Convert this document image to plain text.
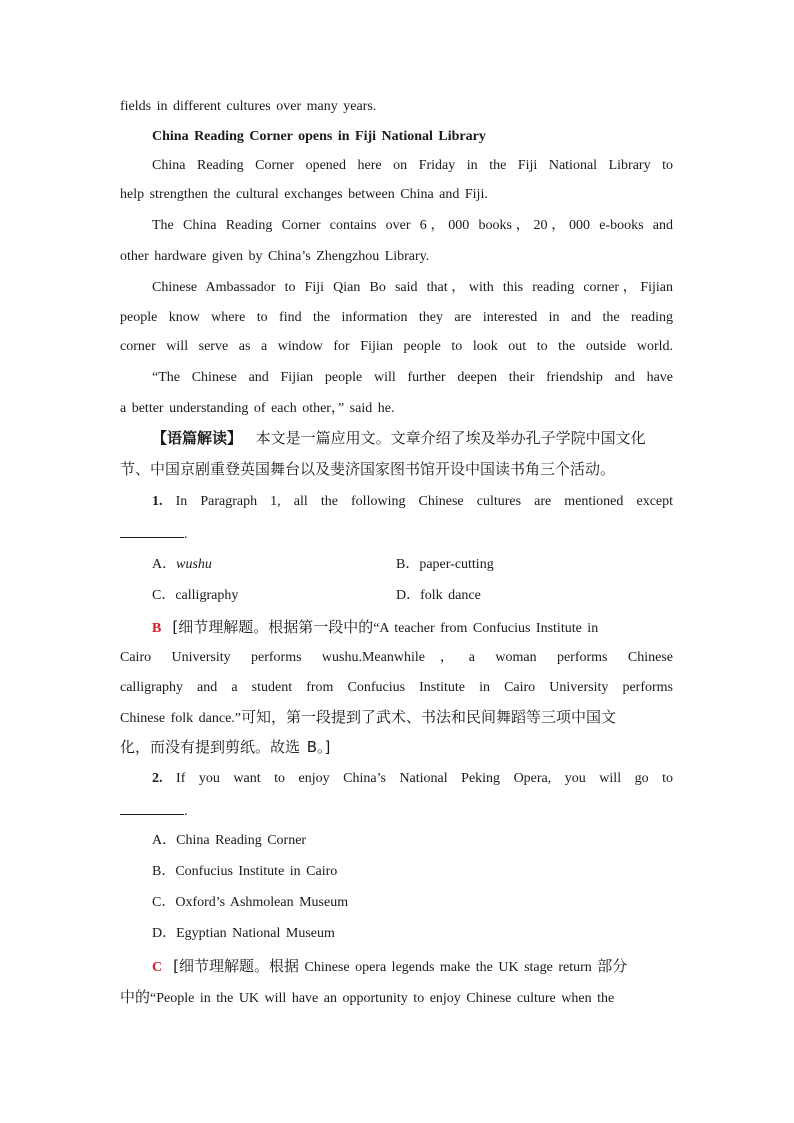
fields in different cultures over many years.
China Reading Corner opens in Fiji National Library
China Reading Corner opened here on Friday in the Fiji National Library to
help strengthen the cultural exchanges between China and Fiji.
The China Reading Corner contains over 6，000 books，20，000 e-books and
other hardware given by China’s Zhengzhou Library.
Chinese Ambassador to Fiji Qian Bo said that，with this reading corner，Fijian
people know where to find the information they are interested in and the reading
corner will serve as a window for Fijian people to look out to the outside world.
“The Chinese and Fijian people will further deepen their friendship and have
a better understanding of each other，” said he.
【语篇解读】 本文是一篇应用文。文章介绍了埃及举办孔子学院中国文化
节、中国京剧重登英国舞台以及斐济国家图书馆开设中国读书角三个活动。
1. In Paragraph 1, all the following Chinese cultures are mentioned except
.
A．wushu	B．paper-cutting
C．calligraphy	D．folk dance
B [细节理解题。根据第一段中的“A teacher from Confucius Institute in
Cairo University performs wushu.Meanwhile，a woman performs Chinese
calligraphy and a student from Confucius Institute in Cairo University performs
Chinese folk dance.”可知，第一段提到了武术、书法和民间舞蹈等三项中国文
化，而没有提到剪纸。故选 B。]
2. If you want to enjoy China’s National Peking Opera, you will go to
.
A．China Reading Corner
B．Confucius Institute in Cairo
C．Oxford’s Ashmolean Museum
D．Egyptian National Museum
C [细节理解题。根据 Chinese opera legends make the UK stage return 部分
中的“People in the UK will have an opportunity to enjoy Chinese culture when the
